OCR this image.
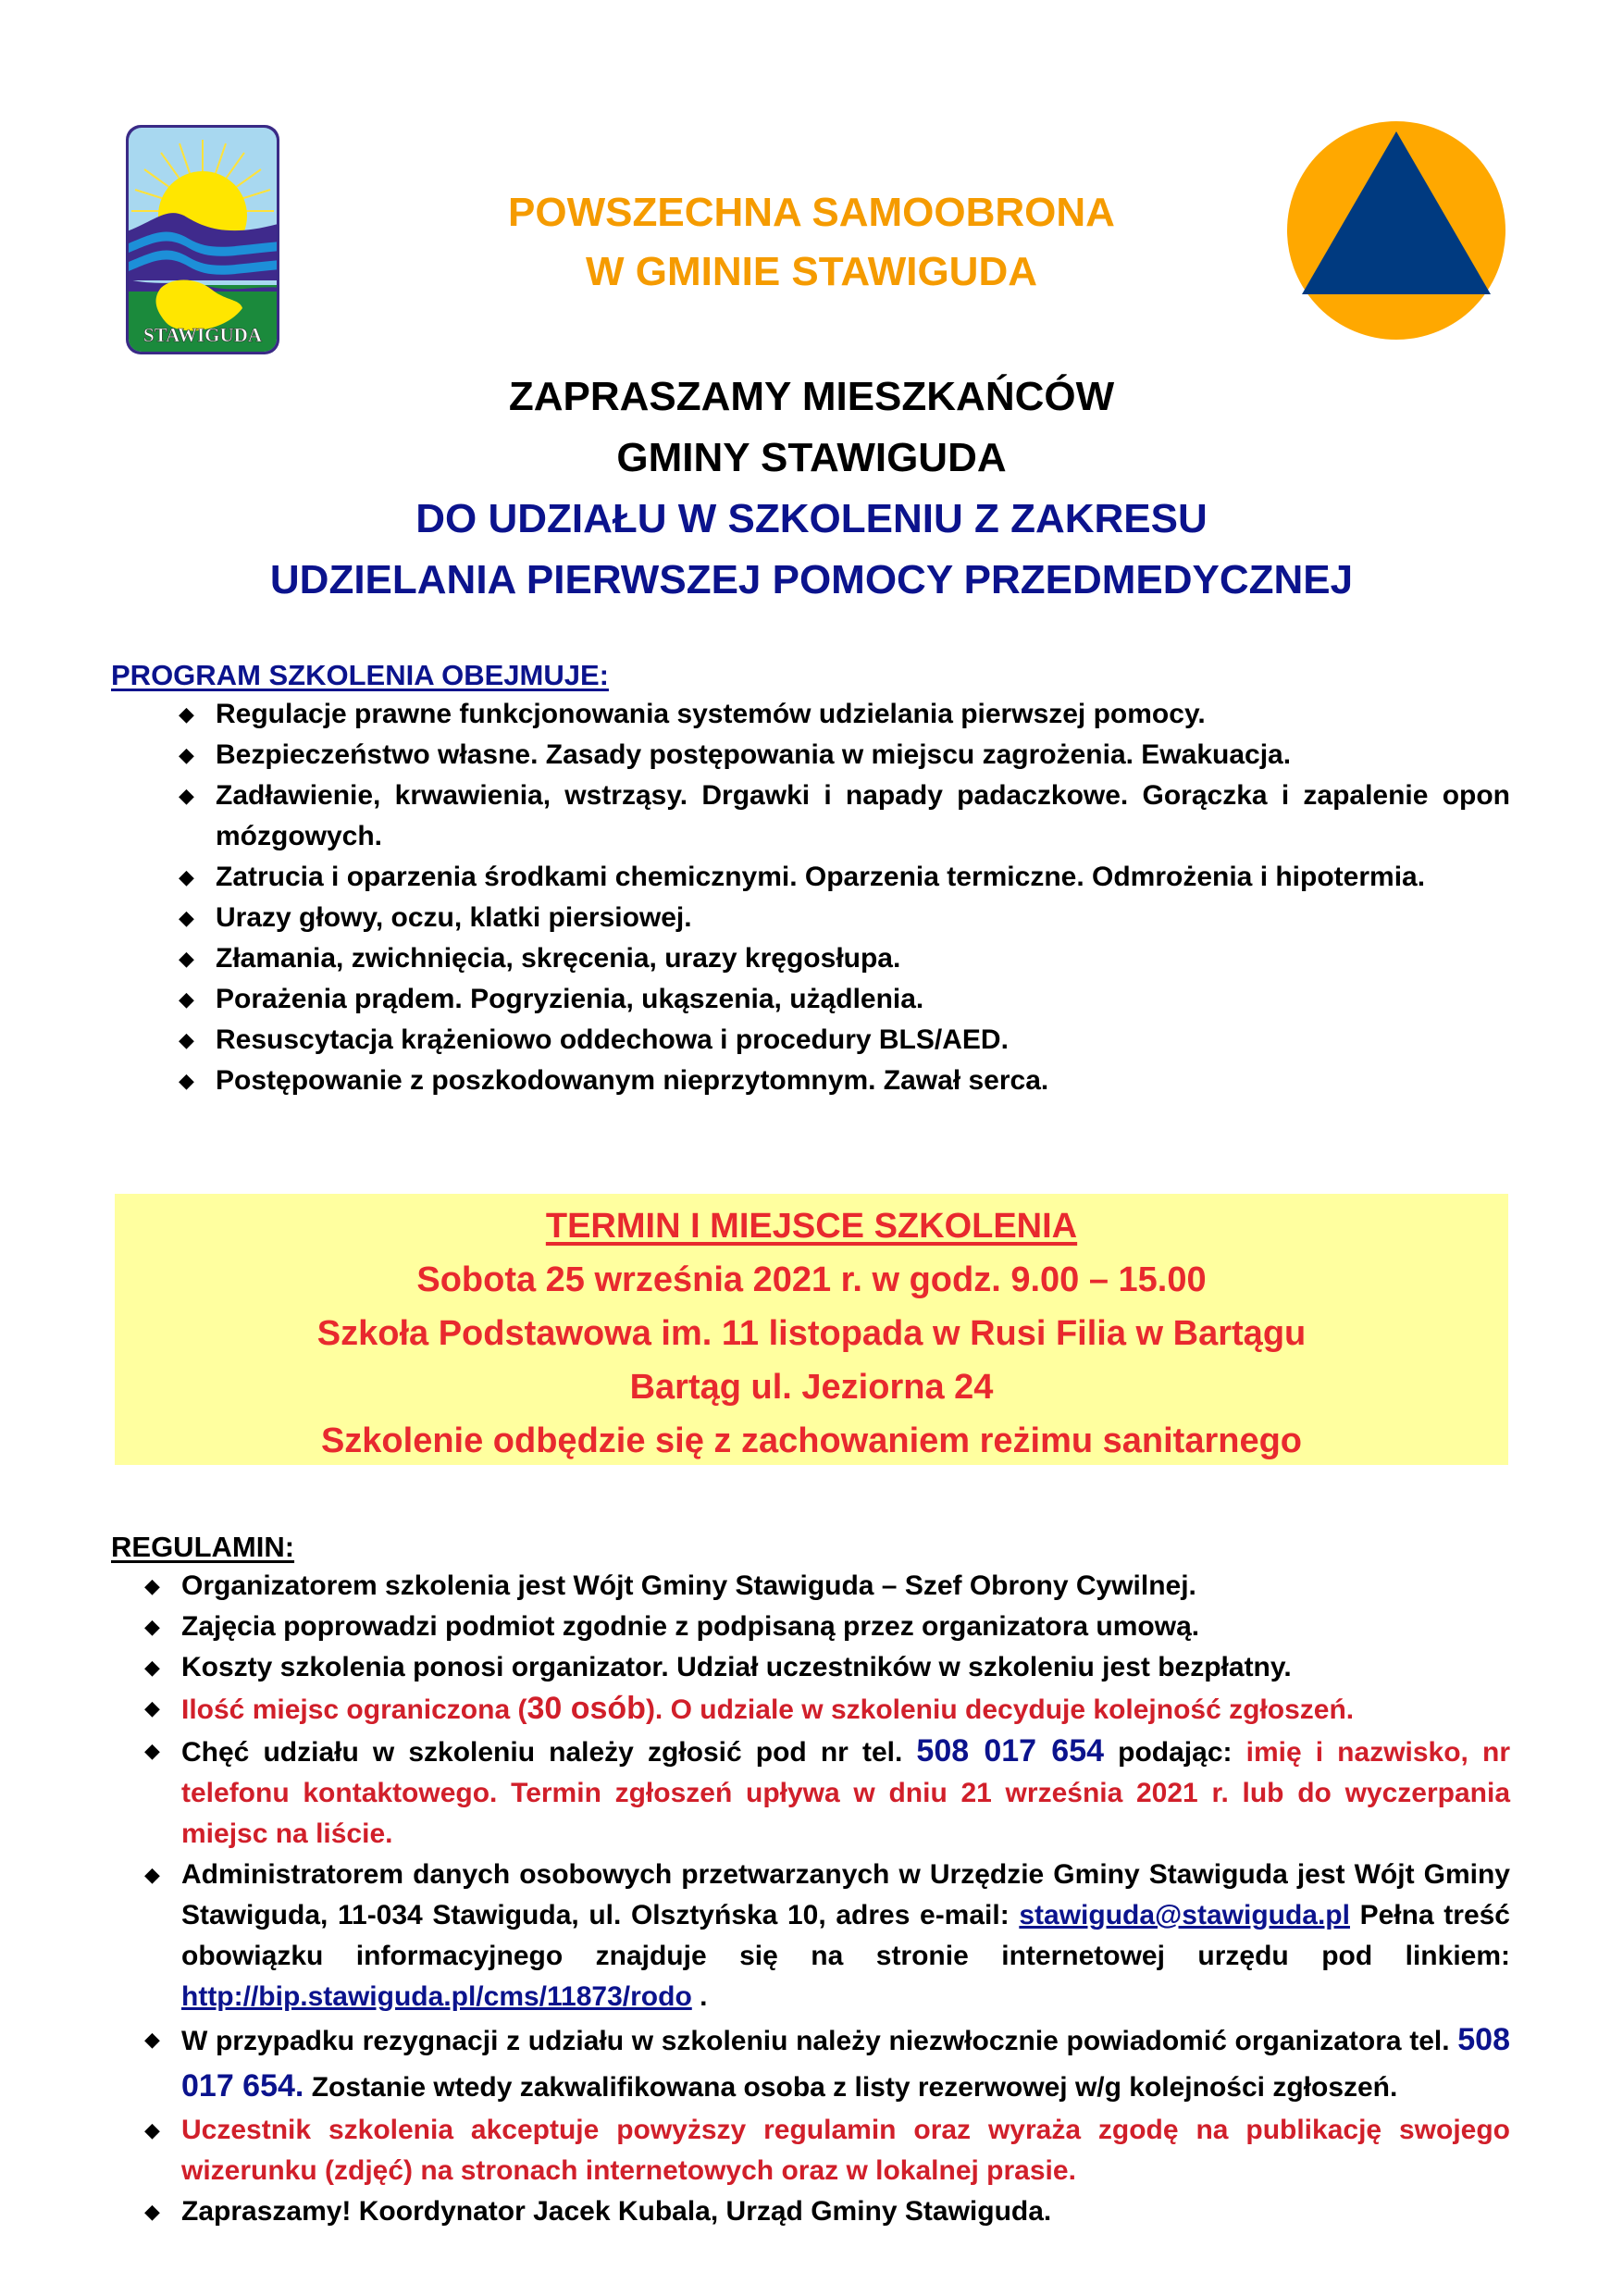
STAWIGUDA
POWSZECHNA SAMOOBRONA
W GMINIE STAWIGUDA
ZAPRASZAMY MIESZKAŃCÓW
GMINY STAWIGUDA
DO UDZIAŁU W SZKOLENIU Z ZAKRESU
UDZIELANIA PIERWSZEJ POMOCY PRZEDMEDYCZNEJ
PROGRAM SZKOLENIA OBEJMUJE:
◆ Regulacje prawne funkcjonowania systemów udzielania pierwszej pomocy.
◆ Bezpieczeństwo własne. Zasady postępowania w miejscu zagrożenia. Ewakuacja.
◆ Zadławienie, krwawienia, wstrząsy. Drgawki i napady padaczkowe. Gorączka i zapalenie opon mózgowych.
◆ Zatrucia i oparzenia środkami chemicznymi. Oparzenia termiczne. Odmrożenia i hipotermia.
◆ Urazy głowy, oczu, klatki piersiowej.
◆ Złamania, zwichnięcia, skręcenia, urazy kręgosłupa.
◆ Porażenia prądem. Pogryzienia, ukąszenia, użądlenia.
◆ Resuscytacja krążeniowo oddechowa i procedury BLS/AED.
◆ Postępowanie z poszkodowanym nieprzytomnym. Zawał serca.
TERMIN I MIEJSCE SZKOLENIA
Sobota 25 września 2021 r. w godz. 9.00 – 15.00
Szkoła Podstawowa im. 11 listopada w Rusi Filia w Bartągu
Bartąg ul. Jeziorna 24
Szkolenie odbędzie się z zachowaniem reżimu sanitarnego
REGULAMIN:
◆ Organizatorem szkolenia jest Wójt Gminy Stawiguda – Szef Obrony Cywilnej.
◆ Zajęcia poprowadzi podmiot zgodnie z podpisaną przez organizatora umową.
◆ Koszty szkolenia ponosi organizator. Udział uczestników w szkoleniu jest bezpłatny.
◆ Ilość miejsc ograniczona (30 osób). O udziale w szkoleniu decyduje kolejność zgłoszeń.
◆ Chęć udziału w szkoleniu należy zgłosić pod nr tel. 508 017 654 podając: imię i nazwisko, nr telefonu kontaktowego. Termin zgłoszeń upływa w dniu 21 września 2021 r. lub do wyczerpania miejsc na liście.
◆ Administratorem danych osobowych przetwarzanych w Urzędzie Gminy Stawiguda jest Wójt Gminy Stawiguda, 11-034 Stawiguda, ul. Olsztyńska 10, adres e-mail: stawiguda@stawiguda.pl Pełna treść obowiązku informacyjnego znajduje się na stronie internetowej urzędu pod linkiem: http://bip.stawiguda.pl/cms/11873/rodo .
◆ W przypadku rezygnacji z udziału w szkoleniu należy niezwłocznie powiadomić organizatora tel. 508 017 654. Zostanie wtedy zakwalifikowana osoba z listy rezerwowej w/g kolejności zgłoszeń.
◆ Uczestnik szkolenia akceptuje powyższy regulamin oraz wyraża zgodę na publikację swojego wizerunku (zdjęć) na stronach internetowych oraz w lokalnej prasie.
◆ Zapraszamy! Koordynator Jacek Kubala, Urząd Gminy Stawiguda.
